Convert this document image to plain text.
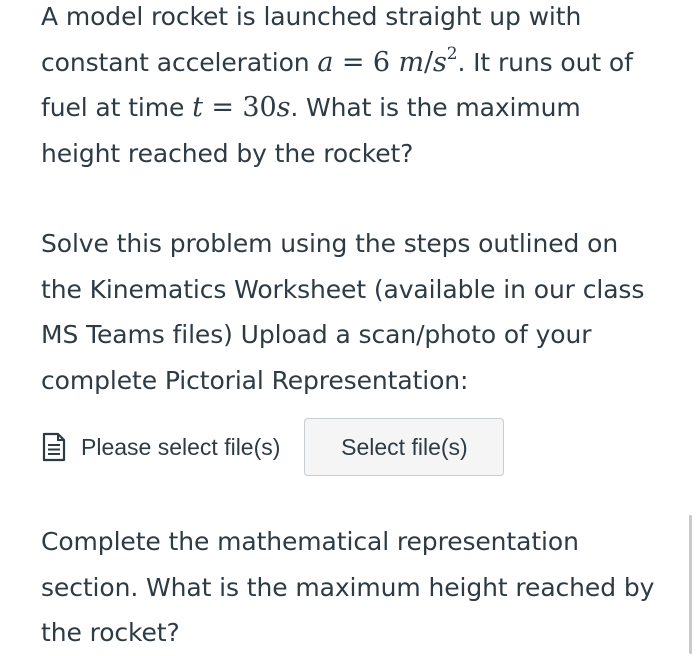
A model rocket is launched straight up with constant acceleration a = 6 $m/s^2$. It runs out of fuel at time t = 30s. What is the maximum height reached by the rocket?

Solve this problem using the steps outlined on the Kinematics Worksheet (available in our class MS Teams files) Upload a scan/photo of your complete Pictorial Representation:

Please select file(s)	Select file(s)

Complete the mathematical representation section. What is the maximum height reached by the rocket?
